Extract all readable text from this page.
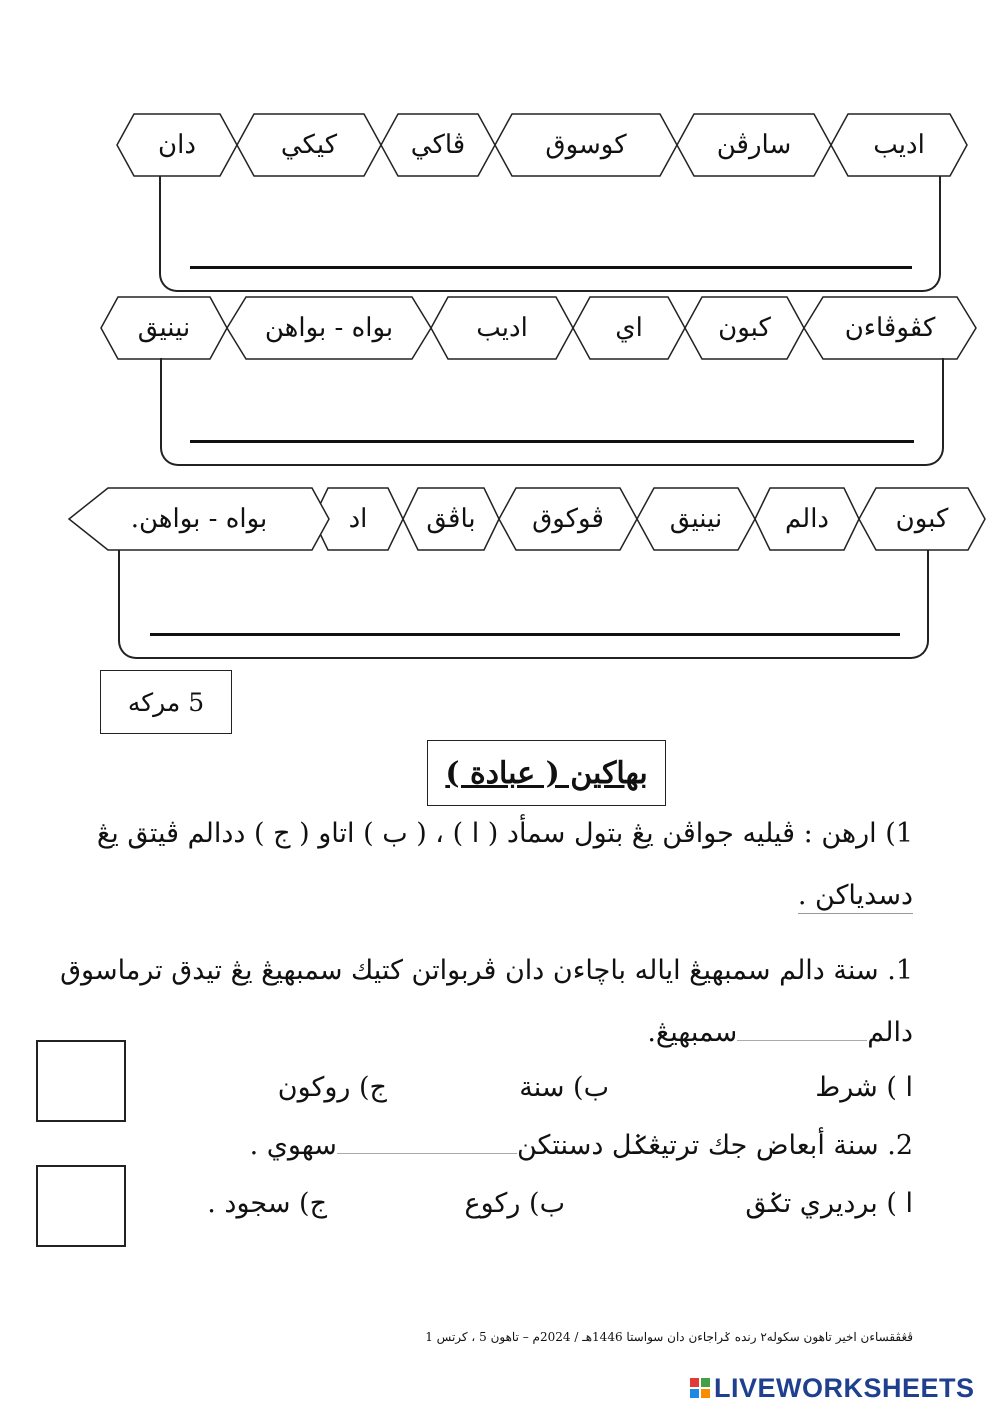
اديب
سارڤن
كوسوق
ڤاكي
كيكي
دان
كڤوڤاءن
كبون
اي
اديب
بواه - بواهن
نينيق
كبون
دالم
نينيق
ڤوكوق
باڤق
اد
بواه - بواهن.
5 مركه
بهاكين ( عبادة )
1) ارهن : ڤيليه جواڤن يڠ بتول سمأد ( ا ) ، ( ب ) اتاو ( ج ) ددالم ڤيتق يڠ
دسدياكن .
1. سنة دالم سمبهيڠ اياله باچاءن دان ڤربواتن كتيك سمبهيڠ يڠ تيدق ترماسوق
دالمسمبهيڠ.
ا ) شرط
ب) سنة
ج) روكون
2. سنة أبعاض جك ترتيڠݢل دسنتكنسهوي .
ا ) برديري تݢق
ب) ركوع
ج) سجود .
ڤڠڤقساءن اخير تاهون سكوله٢ رنده ݢراجاءن دان سواستا 1446هـ / 2024م – تاهون 5 ، كرتس 1
LIVEWORKSHEETS
